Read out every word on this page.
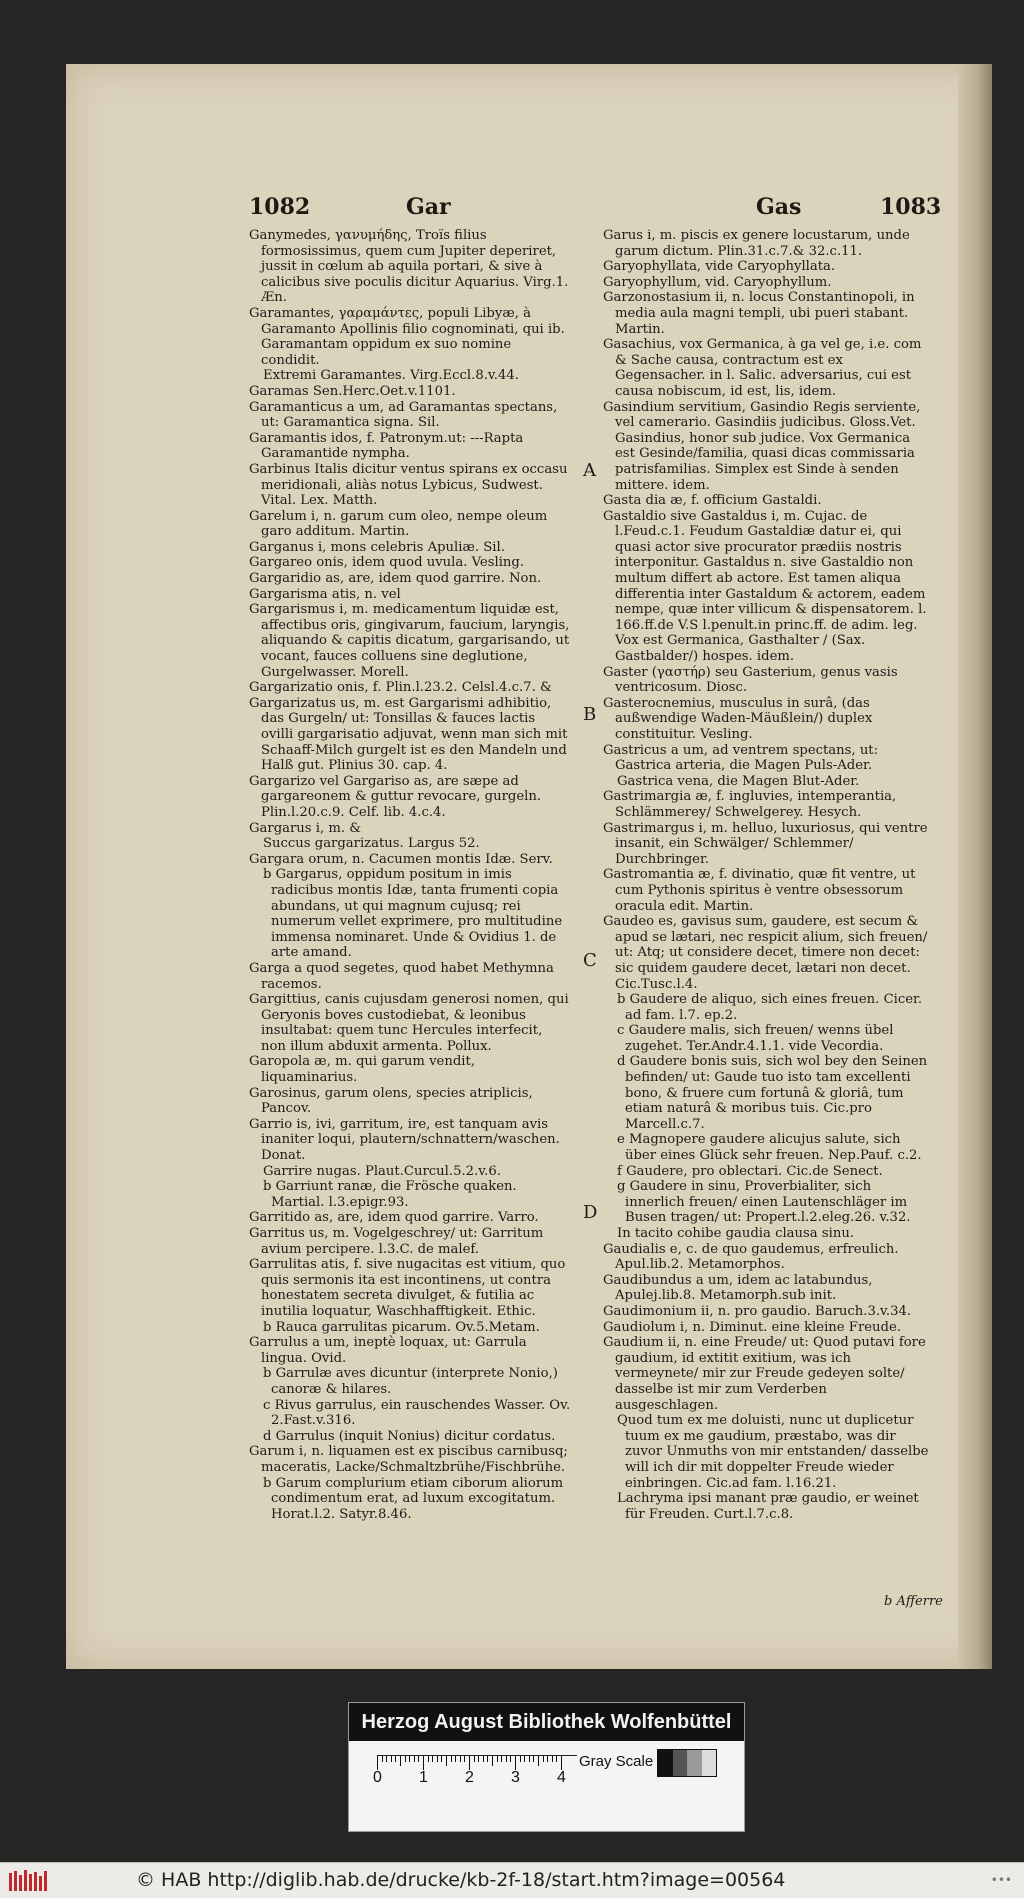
1082	Gar	Gas	1083

Ganymedes, γανυμήδης, Troïs filius formosissimus, quem cum Jupiter deperiret, jussit in cœlum ab aquila portari, & sive à calicibus sive poculis dicitur Aquarius. Virg.1. Æn.

Garamantes, γαραμάντες, populi Libyæ, à Garamanto Apollinis filio cognominati, qui ib. Garamantam oppidum ex suo nomine condidit.

Extremi Garamantes. Virg.Eccl.8.v.44.

Garamas Sen.Herc.Oet.v.1101.

Garamanticus a um, ad Garamantas spectans, ut: Garamantica signa. Sil.

Garamantis idos, f. Patronym.ut: ---Rapta Garamantide nympha.

Garbinus Italis dicitur ventus spirans ex occasu meridionali, aliàs notus Lybicus, Sudwest. Vital. Lex. Matth.

Garelum i, n. garum cum oleo, nempe oleum garo additum. Martin.

Garganus i, mons celebris Apuliæ. Sil.

Gargareo onis, idem quod uvula. Vesling.

Gargaridio as, are, idem quod garrire. Non.

Gargarisma atis, n. vel

Gargarismus i, m. medicamentum liquidæ est, affectibus oris, gingivarum, faucium, laryngis, aliquando & capitis dicatum, gargarisando, ut vocant, fauces colluens sine deglutione, Gurgelwasser. Morell.

Gargarizatio onis, f. Plin.l.23.2. Celsl.4.c.7. &

Gargarizatus us, m. est Gargarismi adhibitio, das Gurgeln/ ut: Tonsillas & fauces lactis ovilli gargarisatio adjuvat, wenn man sich mit Schaaff-Milch gurgelt ist es den Mandeln und Halß gut. Plinius 30. cap. 4.

Gargarizo vel Gargariso as, are sæpe ad gargareonem & guttur revocare, gurgeln. Plin.l.20.c.9. Celf. lib. 4.c.4.

Gargarus i, m. &

Succus gargarizatus. Largus 52.

Gargara orum, n. Cacumen montis Idæ. Serv.

b Gargarus, oppidum positum in imis radicibus montis Idæ, tanta frumenti copia abundans, ut qui magnum cujusq; rei numerum vellet exprimere, pro multitudine immensa nominaret. Unde & Ovidius 1. de arte amand.

Garga a quod segetes, quod habet Methymna racemos.

Gargittius, canis cujusdam generosi nomen, qui Geryonis boves custodiebat, & leonibus insultabat: quem tunc Hercules interfecit, non illum abduxit armenta. Pollux.

Garopola æ, m. qui garum vendit, liquaminarius.

Garosinus, garum olens, species atriplicis, Pancov.

Garrio is, ivi, garritum, ire, est tanquam avis inaniter loqui, plautern/schnattern/waschen. Donat.

Garrire nugas. Plaut.Curcul.5.2.v.6.

b Garriunt ranæ, die Frösche quaken. Martial. l.3.epigr.93.

Garritido as, are, idem quod garrire. Varro.

Garritus us, m. Vogelgeschrey/ ut: Garritum avium percipere. l.3.C. de malef.

Garrulitas atis, f. sive nugacitas est vitium, quo quis sermonis ita est incontinens, ut contra honestatem secreta divulget, & futilia ac inutilia loquatur, Waschhafftigkeit. Ethic.

b Rauca garrulitas picarum. Ov.5.Metam.

Garrulus a um, ineptè loquax, ut: Garrula lingua. Ovid.

b Garrulæ aves dicuntur (interprete Nonio,) canoræ & hilares.

c Rivus garrulus, ein rauschendes Wasser. Ov. 2.Fast.v.316.

d Garrulus (inquit Nonius) dicitur cordatus.

Garum i, n. liquamen est ex piscibus carnibusq; maceratis, Lacke/Schmaltzbrühe/Fischbrühe.

b Garum complurium etiam ciborum aliorum condimentum erat, ad luxum excogitatum. Horat.l.2. Satyr.8.46.

Garus i, m. piscis ex genere locustarum, unde garum dictum. Plin.31.c.7.& 32.c.11.

Garyophyllata, vide Caryophyllata.

Garyophyllum, vid. Caryophyllum.

Garzonostasium ii, n. locus Constantinopoli, in media aula magni templi, ubi pueri stabant. Martin.

Gasachius, vox Germanica, à ga vel ge, i.e. com & Sache causa, contractum est ex Gegensacher. in l. Salic. adversarius, cui est causa nobiscum, id est, lis, idem.

Gasindium servitium, Gasindio Regis serviente, vel camerario. Gasindiis judicibus. Gloss.Vet. Gasindius, honor sub judice. Vox Germanica est Gesinde/familia, quasi dicas commissaria patrisfamilias. Simplex est Sinde à senden mittere. idem.

Gasta dia æ, f. officium Gastaldi.

Gastaldio sive Gastaldus i, m. Cujac. de l.Feud.c.1. Feudum Gastaldiæ datur ei, qui quasi actor sive procurator prædiis nostris interponitur. Gastaldus n. sive Gastaldio non multum differt ab actore. Est tamen aliqua differentia inter Gastaldum & actorem, eadem nempe, quæ inter villicum & dispensatorem. l. 166.ff.de V.S l.penult.in princ.ff. de adim. leg. Vox est Germanica, Gasthalter / (Sax. Gastbalder/) hospes. idem.

Gaster (γαστήρ) seu Gasterium, genus vasis ventricosum. Diosc.

Gasterocnemius, musculus in surâ, (das außwendige Waden-Mäußlein/) duplex constituitur. Vesling.

Gastricus a um, ad ventrem spectans, ut: Gastrica arteria, die Magen Puls-Ader.

Gastrica vena, die Magen Blut-Ader.

Gastrimargia æ, f. ingluvies, intemperantia, Schlämmerey/ Schwelgerey. Hesych.

Gastrimargus i, m. helluo, luxuriosus, qui ventre insanit, ein Schwälger/ Schlemmer/ Durchbringer.

Gastromantia æ, f. divinatio, quæ fit ventre, ut cum Pythonis spiritus è ventre obsessorum oracula edit. Martin.

Gaudeo es, gavisus sum, gaudere, est secum & apud se lætari, nec respicit alium, sich freuen/ ut: Atq; ut considere decet, timere non decet: sic quidem gaudere decet, lætari non decet. Cic.Tusc.l.4.

b Gaudere de aliquo, sich eines freuen. Cicer. ad fam. l.7. ep.2.

c Gaudere malis, sich freuen/ wenns übel zugehet. Ter.Andr.4.1.1. vide Vecordia.

d Gaudere bonis suis, sich wol bey den Seinen befinden/ ut: Gaude tuo isto tam excellenti bono, & fruere cum fortunâ & gloriâ, tum etiam naturâ & moribus tuis. Cic.pro Marcell.c.7.

e Magnopere gaudere alicujus salute, sich über eines Glück sehr freuen. Nep.Pauf. c.2.

f Gaudere, pro oblectari. Cic.de Senect.

g Gaudere in sinu, Proverbialiter, sich innerlich freuen/ einen Lautenschläger im Busen tragen/ ut: Propert.l.2.eleg.26. v.32.

In tacito cohibe gaudia clausa sinu.

Gaudialis e, c. de quo gaudemus, erfreulich. Apul.lib.2. Metamorphos.

Gaudibundus a um, idem ac latabundus, Apulej.lib.8. Metamorph.sub init.

Gaudimonium ii, n. pro gaudio. Baruch.3.v.34.

Gaudiolum i, n. Diminut. eine kleine Freude.

Gaudium ii, n. eine Freude/ ut: Quod putavi fore gaudium, id extitit exitium, was ich vermeynete/ mir zur Freude gedeyen solte/ dasselbe ist mir zum Verderben ausgeschlagen.

Quod tum ex me doluisti, nunc ut duplicetur tuum ex me gaudium, præstabo, was dir zuvor Unmuths von mir entstanden/ dasselbe will ich dir mit doppelter Freude wieder einbringen. Cic.ad fam. l.16.21.

Lachryma ipsi manant præ gaudio, er weinet für Freuden. Curt.l.7.c.8.

A
B
C
D
b Afferre
Herzog August Bibliothek Wolfenbüttel
0 1 2 3 4
Gray Scale
© HAB http://diglib.hab.de/drucke/kb-2f-18/start.htm?image=00564	•••
